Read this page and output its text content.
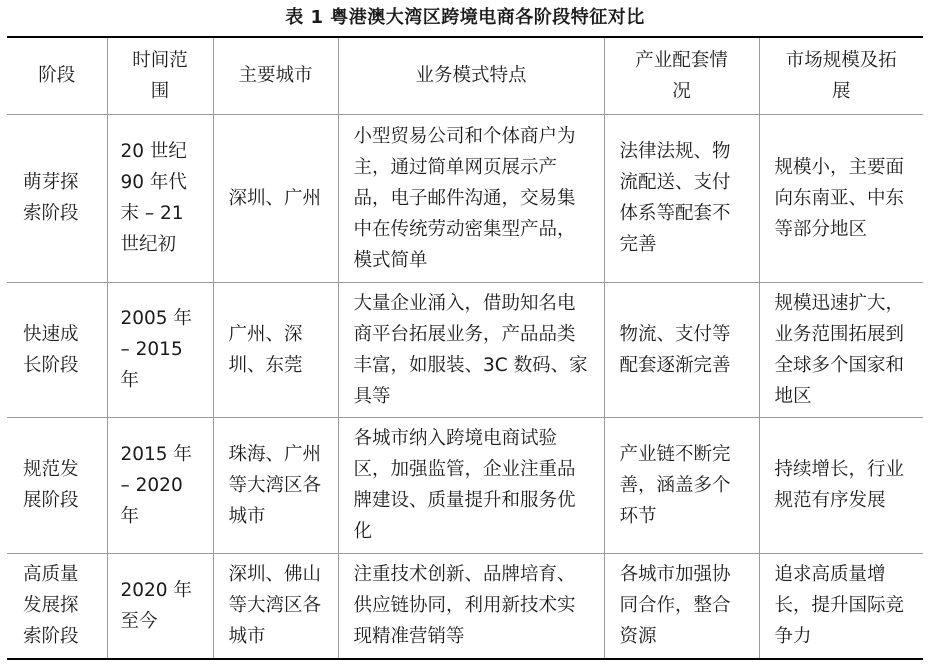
表 1 粤港澳大湾区跨境电商各阶段特征对比
阶段	时间范围	主要城市	业务模式特点	产业配套情况	市场规模及拓展
萌芽探索阶段	20 世纪 90 年代末 – 21 世纪初	深圳、广州	小型贸易公司和个体商户为主，通过简单网页展示产品，电子邮件沟通，交易集中在传统劳动密集型产品，模式简单	法律法规、物流配送、支付体系等配套不完善	规模小，主要面向东南亚、中东等部分地区
快速成长阶段	2005 年 – 2015 年	广州、深圳、东莞	大量企业涌入，借助知名电商平台拓展业务，产品品类丰富，如服装、3C 数码、家具等	物流、支付等配套逐渐完善	规模迅速扩大，业务范围拓展到全球多个国家和地区
规范发展阶段	2015 年 – 2020 年	珠海、广州等大湾区各城市	各城市纳入跨境电商试验区，加强监管，企业注重品牌建设、质量提升和服务优化	产业链不断完善，涵盖多个环节	持续增长，行业规范有序发展
高质量发展探索阶段	2020 年至今	深圳、佛山等大湾区各城市	注重技术创新、品牌培育、供应链协同，利用新技术实现精准营销等	各城市加强协同合作，整合资源	追求高质量增长，提升国际竞争力
